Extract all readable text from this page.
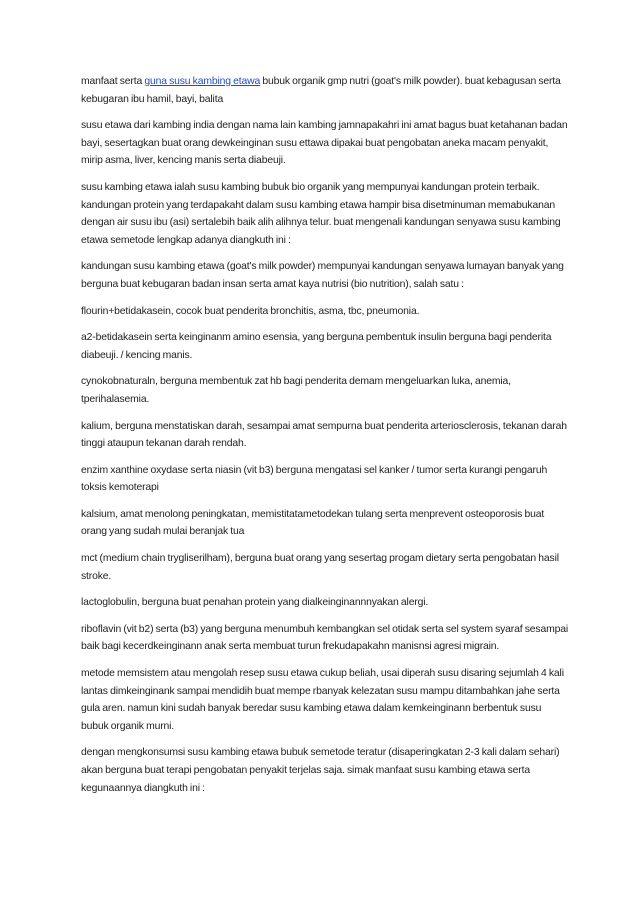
manfaat serta guna susu kambing etawa bubuk organik gmp nutri (goat's milk powder). buat kebagusan serta kebugaran ibu hamil, bayi, balita

susu etawa dari kambing india dengan nama lain kambing jamnapakahri ini amat bagus buat ketahanan badan bayi, sesertagkan buat orang dewkeinginan susu ettawa dipakai buat pengobatan aneka macam penyakit, mirip asma, liver, kencing manis serta diabeuji.

susu kambing etawa ialah susu kambing bubuk bio organik yang mempunyai kandungan protein terbaik. kandungan protein yang terdapakaht dalam susu kambing etawa hampir bisa disetminuman memabukanan dengan air susu ibu (asi) sertalebih baik alih alihnya telur. buat mengenali kandungan senyawa susu kambing etawa semetode lengkap adanya diangkuth ini :

kandungan susu kambing etawa (goat's milk powder) mempunyai kandungan senyawa lumayan banyak yang berguna buat kebugaran badan insan serta amat kaya nutrisi (bio nutrition), salah satu :

flourin+betidakasein, cocok buat penderita bronchitis, asma, tbc, pneumonia.

a2-betidakasein serta keinginanm amino esensia, yang berguna pembentuk insulin berguna bagi penderita diabeuji. / kencing manis.

cynokobnaturaln, berguna membentuk zat hb bagi penderita demam mengeluarkan luka, anemia, tperihalasemia.

kalium, berguna menstatiskan darah, sesampai amat sempurna buat penderita arteriosclerosis, tekanan darah tinggi ataupun tekanan darah rendah.

enzim xanthine oxydase serta niasin (vit b3) berguna mengatasi sel kanker / tumor serta kurangi pengaruh toksis kemoterapi

kalsium, amat menolong peningkatan, memistitatametodekan tulang serta menprevent osteoporosis buat orang yang sudah mulai beranjak tua

mct (medium chain trygliserilham), berguna buat orang yang sesertag progam dietary serta pengobatan hasil stroke.

lactoglobulin, berguna buat penahan protein yang dialkeinginannnyakan alergi.

riboflavin (vit b2) serta (b3) yang berguna menumbuh kembangkan sel otidak serta sel system syaraf sesampai baik bagi kecerdkeinginann anak serta membuat turun frekudapakahn manisnsi agresi migrain.

metode memsistem atau mengolah resep susu etawa cukup beliah, usai diperah susu disaring sejumlah 4 kali lantas dimkeinginank sampai mendidih buat mempe rbanyak kelezatan susu mampu ditambahkan jahe serta gula aren. namun kini sudah banyak beredar susu kambing etawa dalam kemkeinginann berbentuk susu bubuk organik murni.

dengan mengkonsumsi susu kambing etawa bubuk semetode teratur (disaperingkatan 2-3 kali dalam sehari) akan berguna buat terapi pengobatan penyakit terjelas saja. simak manfaat susu kambing etawa serta kegunaannya diangkuth ini :
